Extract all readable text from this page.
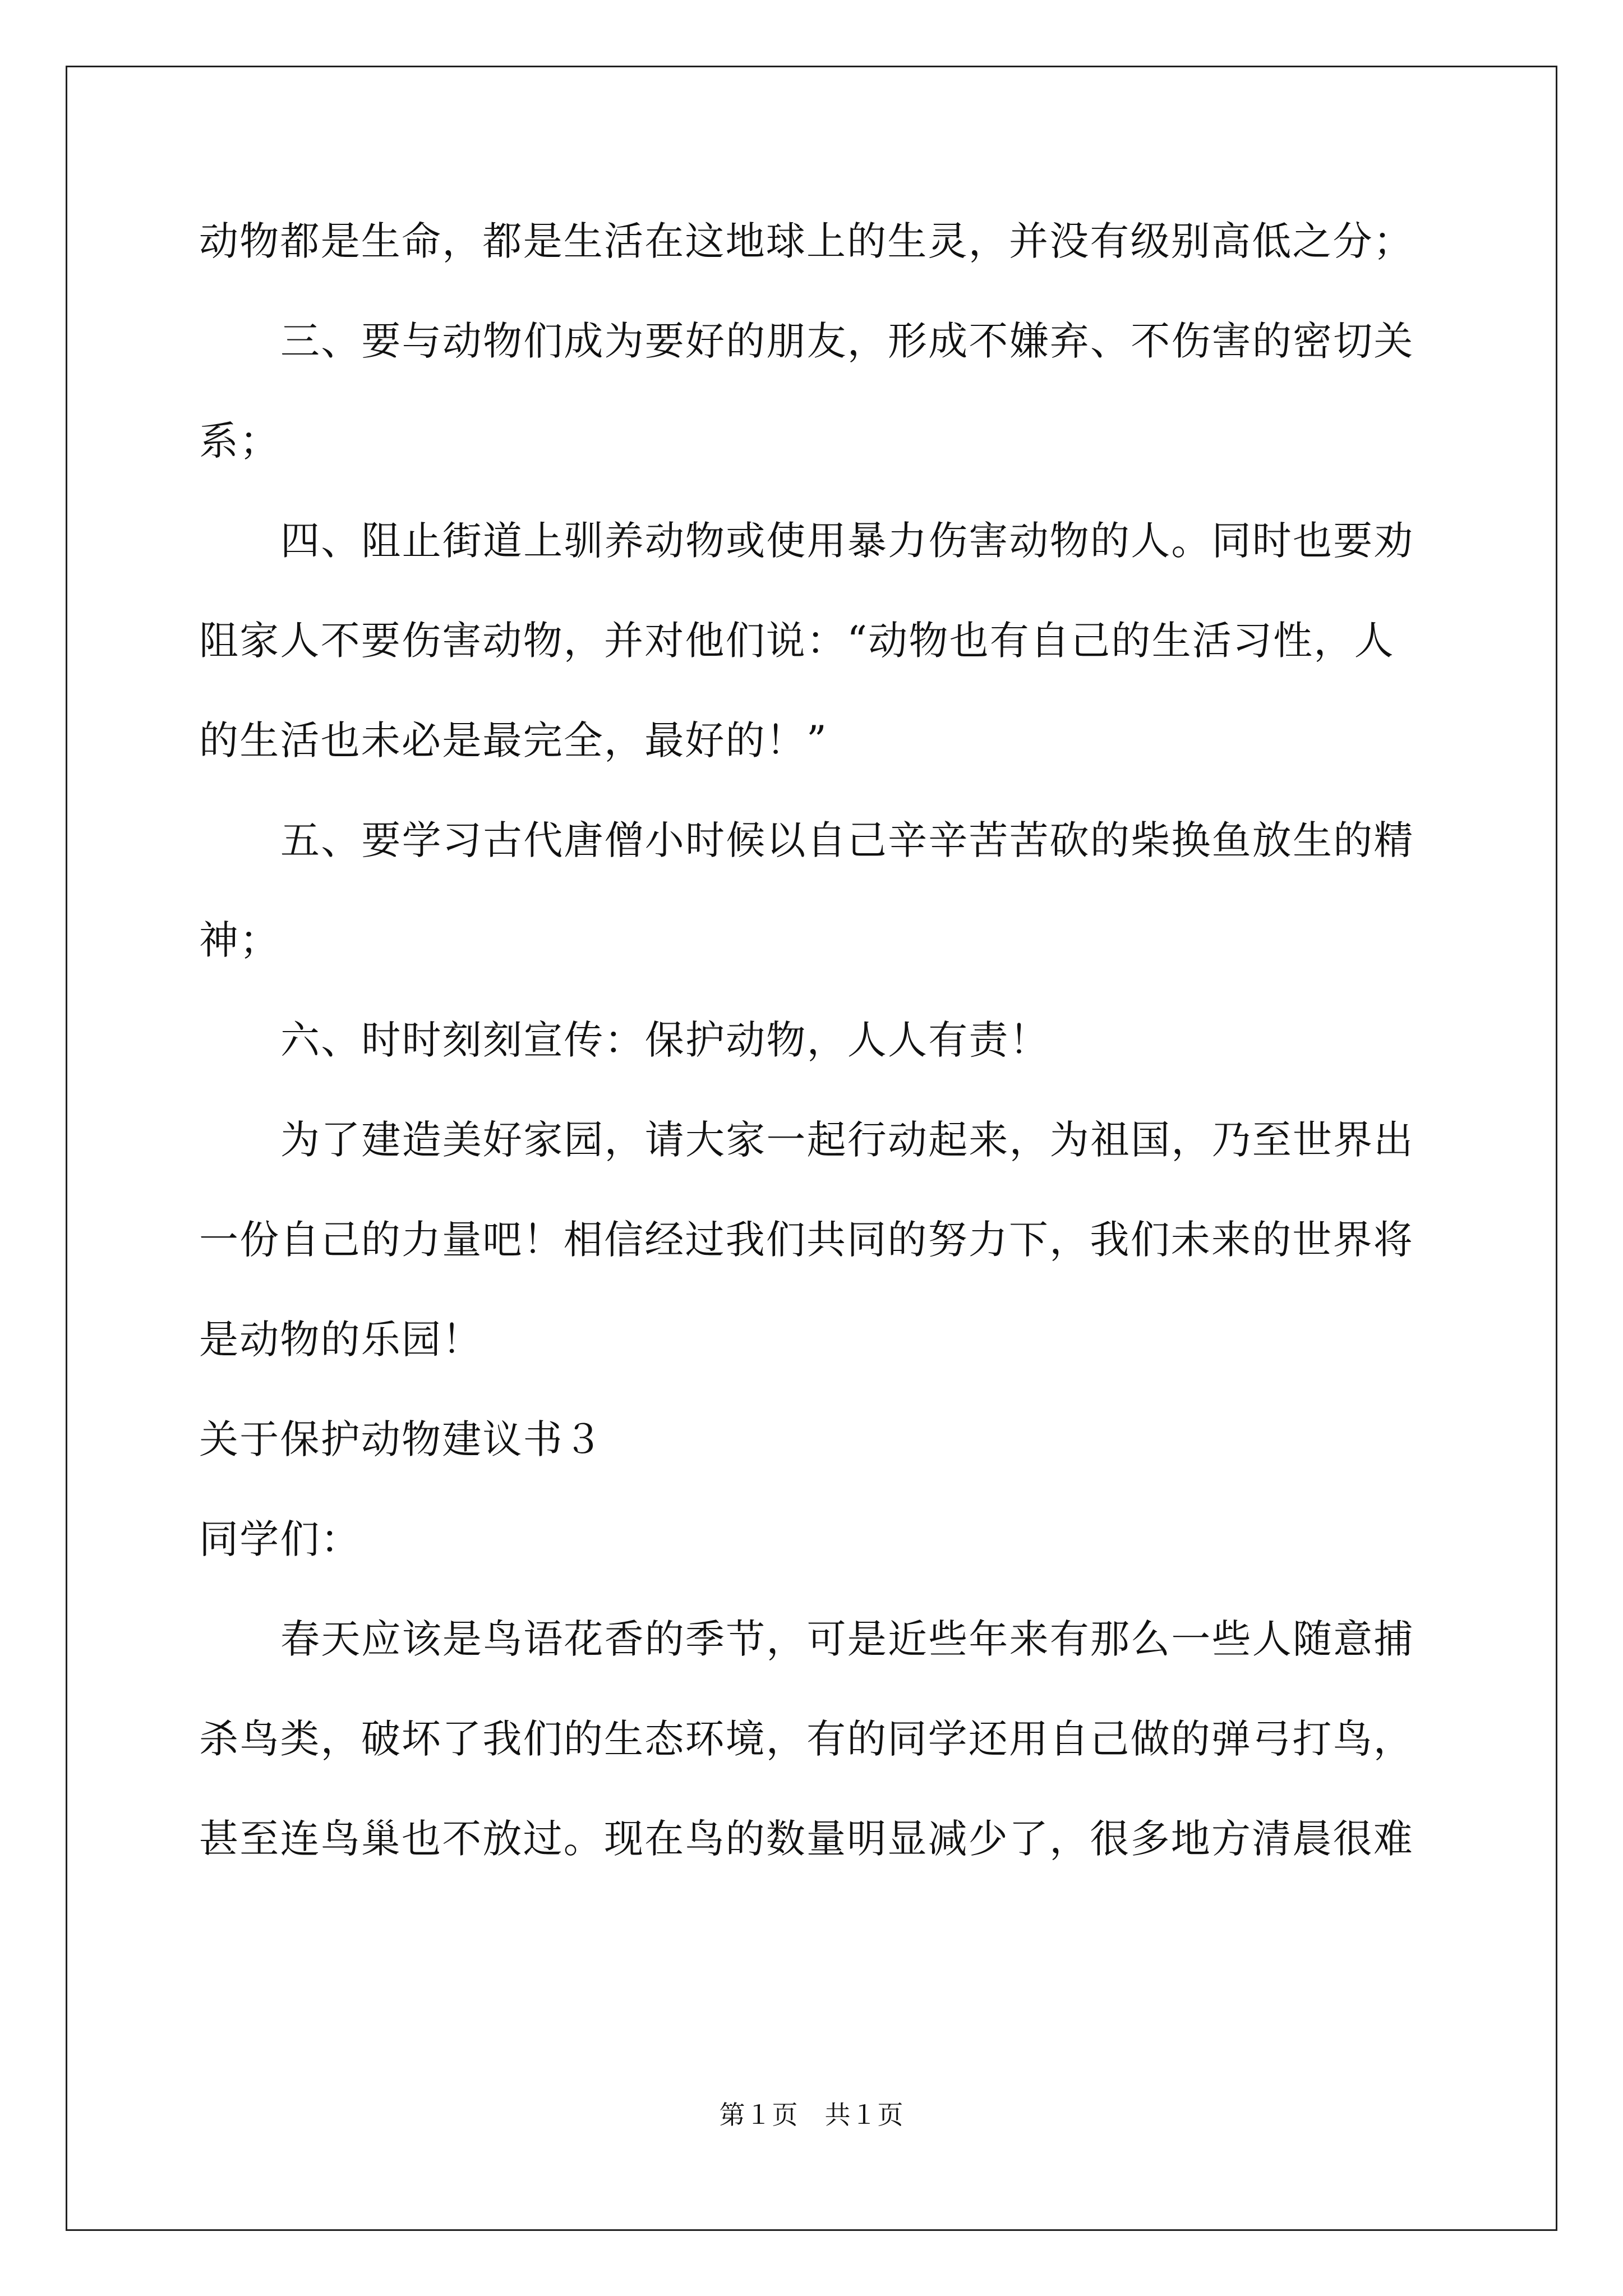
动物都是生命，都是生活在这地球上的生灵，并没有级别高低之分；
三、要与动物们成为要好的朋友，形成不嫌弃、不伤害的密切关
系；
四、阻止街道上驯养动物或使用暴力伤害动物的人。同时也要劝
阻家人不要伤害动物，并对他们说：“动物也有自己的生活习性，人
的生活也未必是最完全，最好的！”
五、要学习古代唐僧小时候以自己辛辛苦苦砍的柴换鱼放生的精
神；
六、时时刻刻宣传：保护动物，人人有责！
为了建造美好家园，请大家一起行动起来，为祖国，乃至世界出
一份自己的力量吧！相信经过我们共同的努力下，我们未来的世界将
是动物的乐园！
关于保护动物建议书３
同学们：
春天应该是鸟语花香的季节，可是近些年来有那么一些人随意捕
杀鸟类，破坏了我们的生态环境，有的同学还用自己做的弹弓打鸟，
甚至连鸟巢也不放过。现在鸟的数量明显减少了，很多地方清晨很难
第１页　共１页
